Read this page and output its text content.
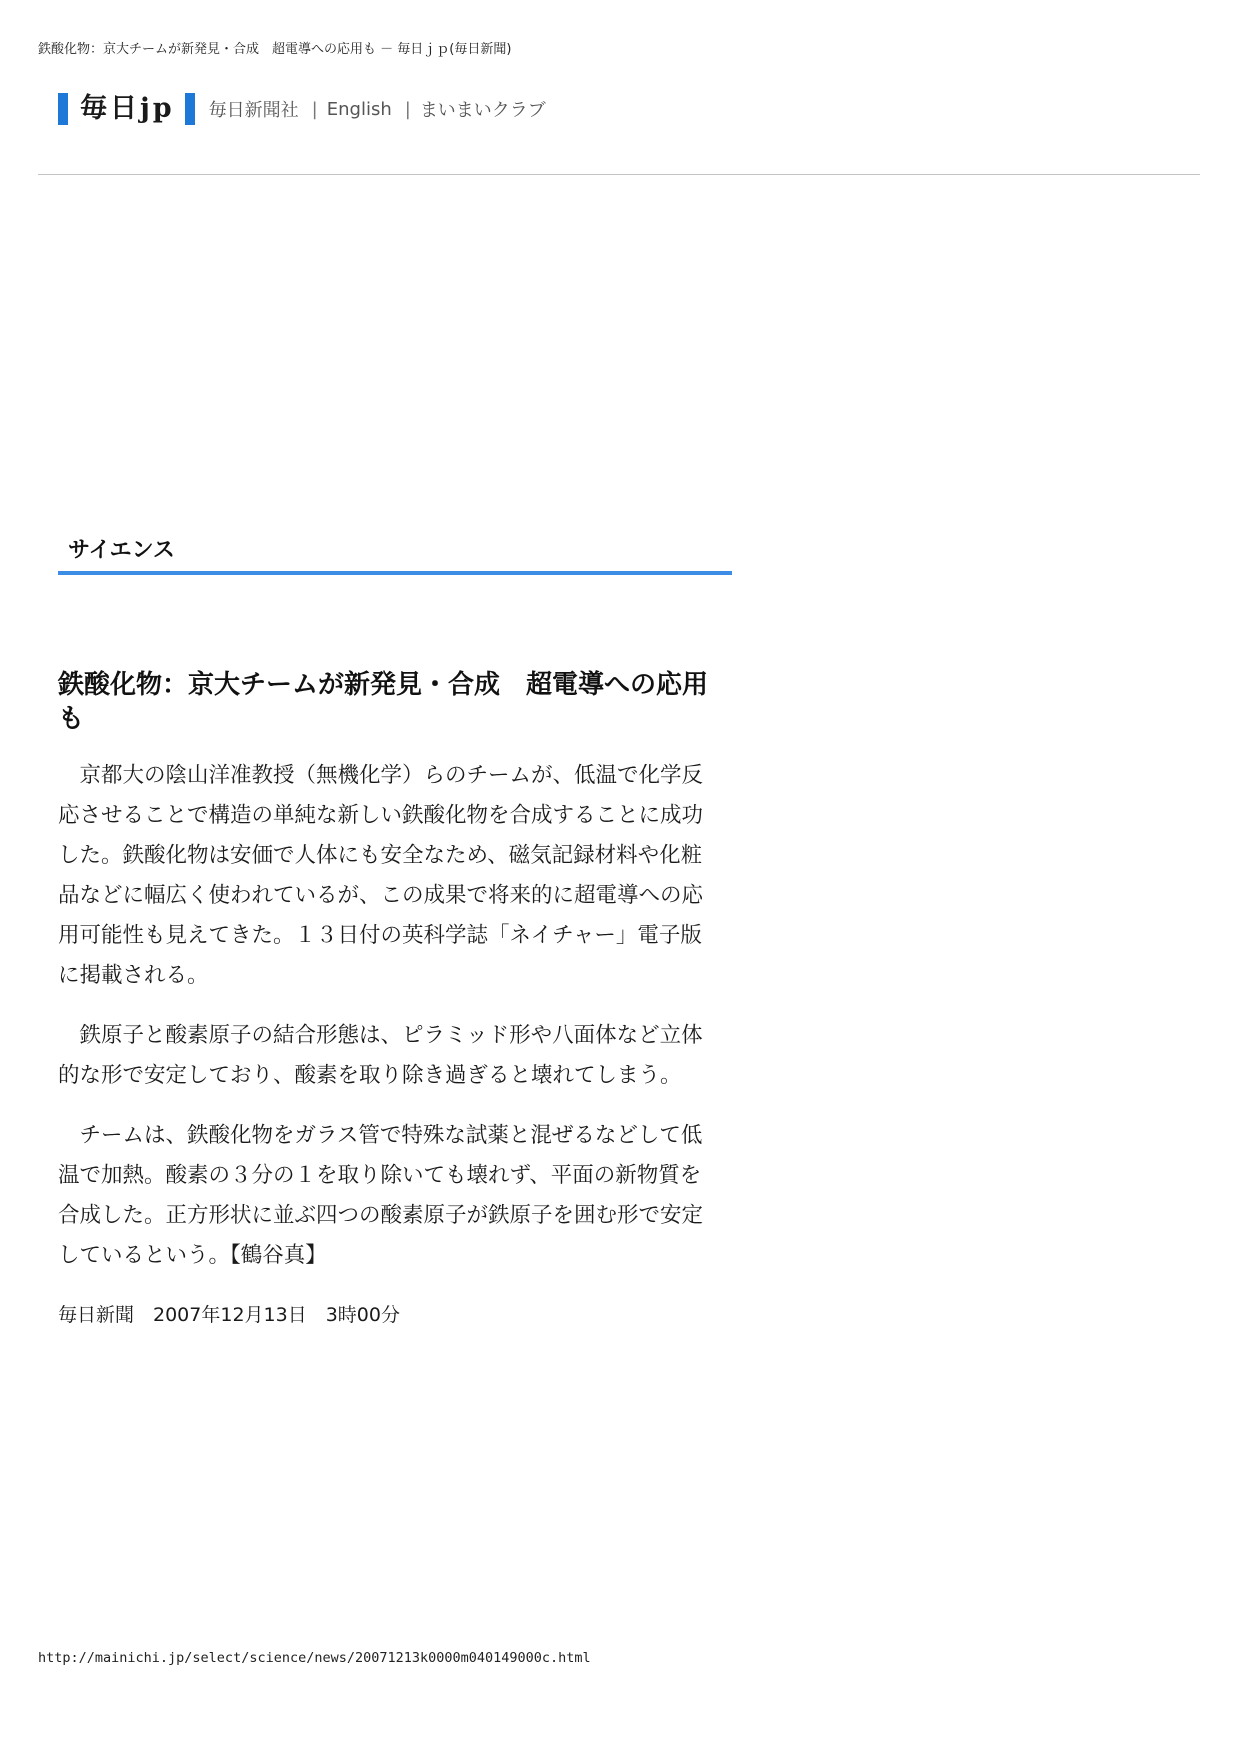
鉄酸化物：京大チームが新発見・合成　超電導への応用も － 毎日ｊｐ(毎日新聞)
毎日jp	毎日新聞社 | English | まいまいクラブ
サイエンス
鉄酸化物：京大チームが新発見・合成　超電導への応用も

　京都大の陰山洋准教授（無機化学）らのチームが、低温で化学反応させることで構造の単純な新しい鉄酸化物を合成することに成功した。鉄酸化物は安価で人体にも安全なため、磁気記録材料や化粧品などに幅広く使われているが、この成果で将来的に超電導への応用可能性も見えてきた。１３日付の英科学誌「ネイチャー」電子版に掲載される。

　鉄原子と酸素原子の結合形態は、ピラミッド形や八面体など立体的な形で安定しており、酸素を取り除き過ぎると壊れてしまう。

　チームは、鉄酸化物をガラス管で特殊な試薬と混ぜるなどして低温で加熱。酸素の３分の１を取り除いても壊れず、平面の新物質を合成した。正方形状に並ぶ四つの酸素原子が鉄原子を囲む形で安定しているという。【鶴谷真】

毎日新聞　2007年12月13日　3時00分
http://mainichi.jp/select/science/news/20071213k0000m040149000c.html
